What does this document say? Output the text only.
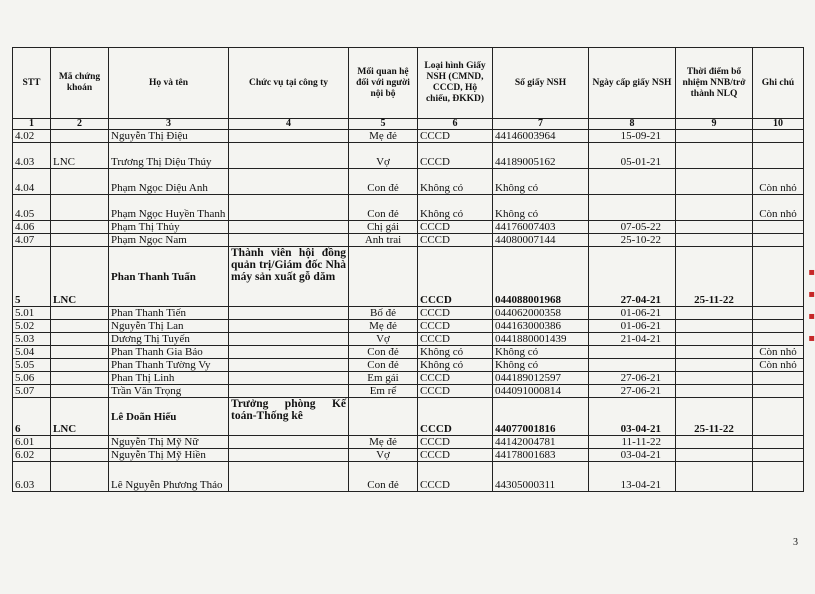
STT	Mã chứng khoán	Họ và tên	Chức vụ tại công ty	Mối quan hệ đối với người nội bộ	Loại hình Giấy NSH (CMND, CCCD, Hộ chiếu, ĐKKD)	Số giấy NSH	Ngày cấp giấy NSH	Thời điểm bổ nhiệm NNB/trở thành NLQ	Ghi chú
1	2	3	4	5	6	7	8	9	10
4.02		Nguyễn Thị Điệu		Mẹ đẻ	CCCD	44146003964	15-09-21		
4.03	LNC	Trương Thị Diệu Thúy		Vợ	CCCD	44189005162	05-01-21		
4.04		Phạm Ngọc Diệu Anh		Con đẻ	Không có	Không có			Còn nhỏ
4.05		Phạm Ngọc Huyền Thanh		Con đẻ	Không có	Không có			Còn nhỏ
4.06		Phạm Thị Thủy		Chị gái	CCCD	44176007403	07-05-22		
4.07		Phạm Ngọc Nam		Anh trai	CCCD	44080007144	25-10-22		
5	LNC	Phan Thanh Tuấn	Thành viên hội đồng quản trị/Giám đốc Nhà máy sản xuất gỗ dăm		CCCD	044088001968	27-04-21	25-11-22	
5.01		Phan Thanh Tiến		Bố đẻ	CCCD	044062000358	01-06-21		
5.02		Nguyễn Thị Lan		Mẹ đẻ	CCCD	044163000386	01-06-21		
5.03		Dương Thị Tuyến		Vợ	CCCD	0441880001439	21-04-21		
5.04		Phan Thanh Gia Bảo		Con đẻ	Không có	Không có			Còn nhỏ
5.05		Phan Thanh Tường Vy		Con đẻ	Không có	Không có			Còn nhỏ
5.06		Phan Thị Linh		Em gái	CCCD	044189012597	27-06-21		
5.07		Trần Văn Trọng		Em rể	CCCD	044091000814	27-06-21		
6	LNC	Lê Doãn Hiếu	Trưởng phòng Kế toán-Thống kê		CCCD	44077001816	03-04-21	25-11-22	
6.01		Nguyễn Thị Mỹ Nữ		Mẹ đẻ	CCCD	44142004781	11-11-22		
6.02		Nguyễn Thị Mỹ Hiền		Vợ	CCCD	44178001683	03-04-21		
6.03		Lê Nguyễn Phương Thảo		Con đẻ	CCCD	44305000311	13-04-21		
▪
▪
▪
▪
3
